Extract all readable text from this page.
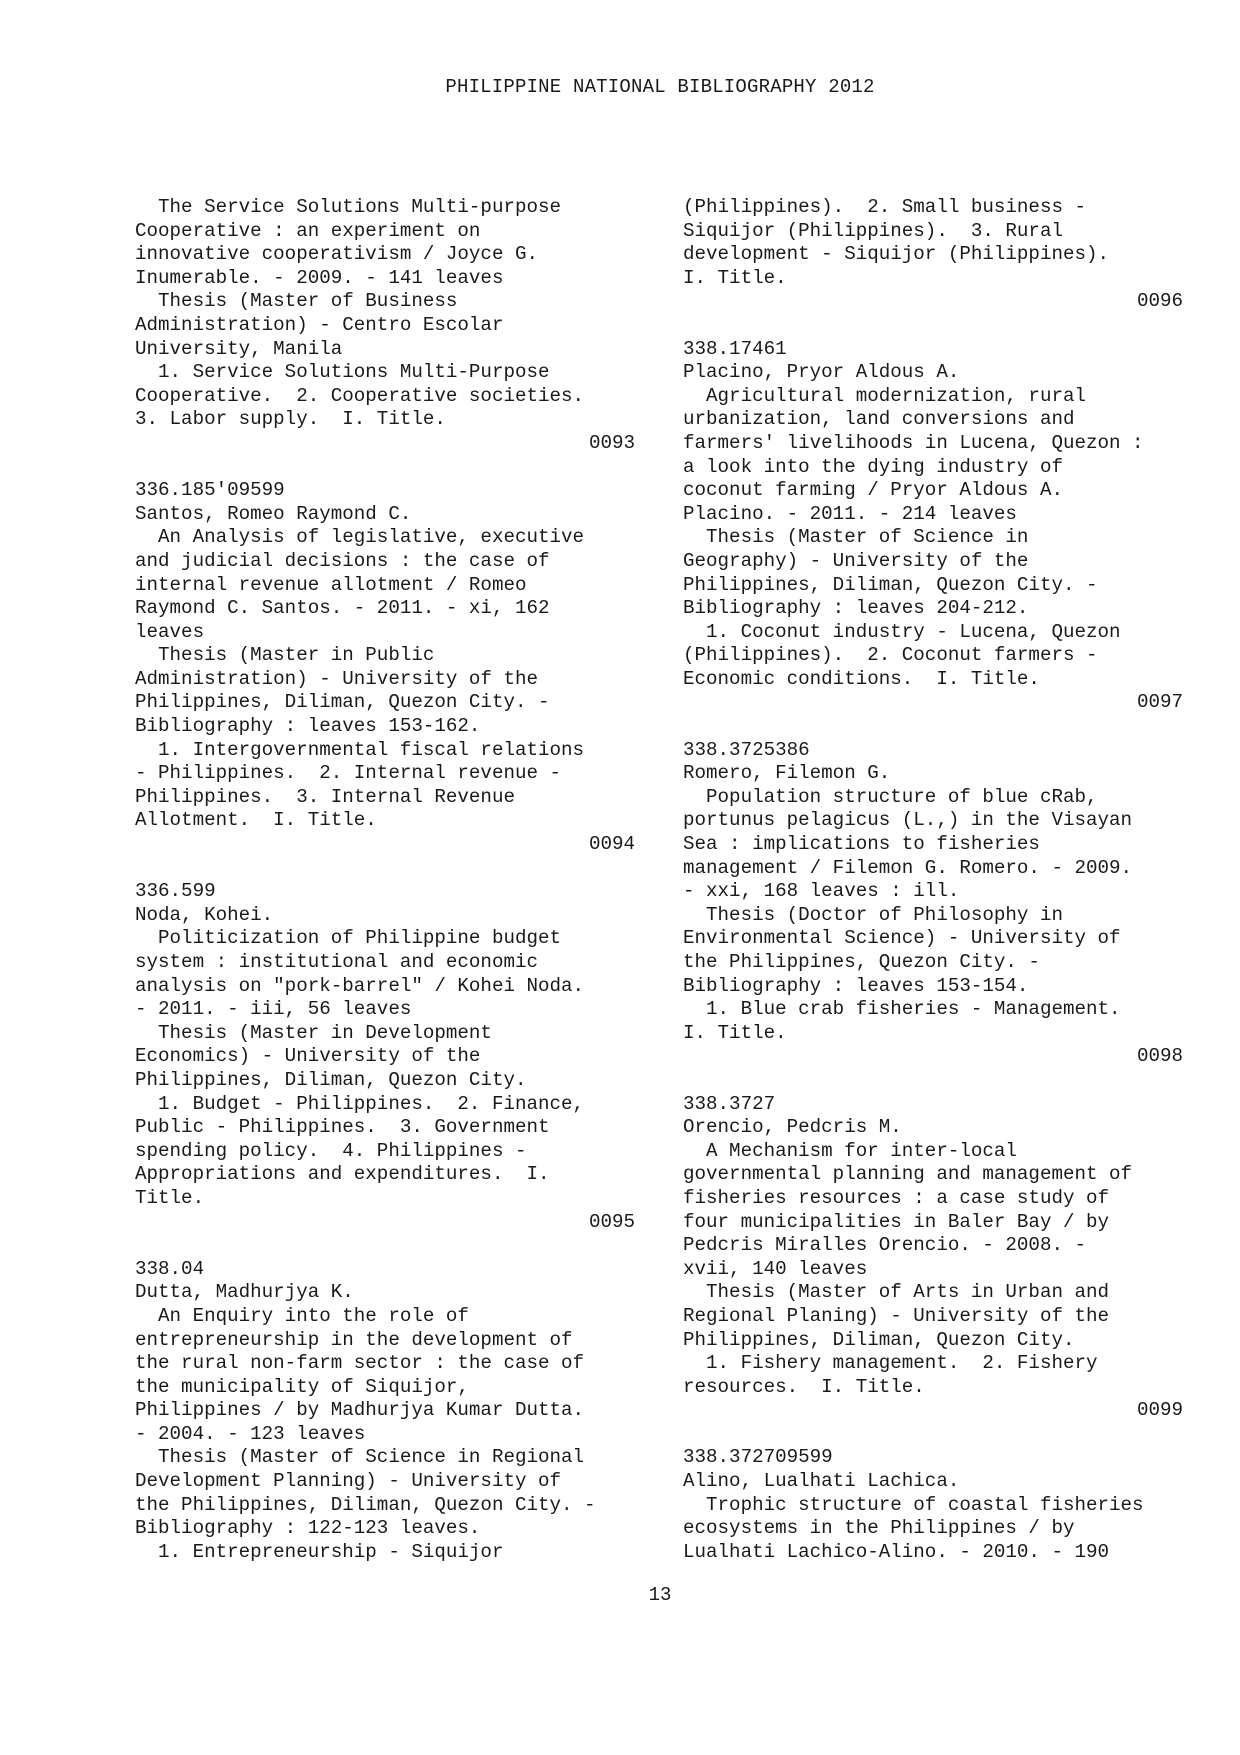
PHILIPPINE NATIONAL BIBLIOGRAPHY 2012
The Service Solutions Multi-purpose
Cooperative : an experiment on
innovative cooperativism / Joyce G.
Inumerable. - 2009. - 141 leaves
Thesis (Master of Business
Administration) - Centro Escolar
University, Manila
1. Service Solutions Multi-Purpose
Cooperative.  2. Cooperative societies.
3. Labor supply.  I. Title.
0093
336.185'09599
Santos, Romeo Raymond C.
An Analysis of legislative, executive
and judicial decisions : the case of
internal revenue allotment / Romeo
Raymond C. Santos. - 2011. - xi, 162
leaves
Thesis (Master in Public
Administration) - University of the
Philippines, Diliman, Quezon City. -
Bibliography : leaves 153-162.
1. Intergovernmental fiscal relations
- Philippines.  2. Internal revenue -
Philippines.  3. Internal Revenue
Allotment.  I. Title.
0094
336.599
Noda, Kohei.
Politicization of Philippine budget
system : institutional and economic
analysis on "pork-barrel" / Kohei Noda.
- 2011. - iii, 56 leaves
Thesis (Master in Development
Economics) - University of the
Philippines, Diliman, Quezon City.
1. Budget - Philippines.  2. Finance,
Public - Philippines.  3. Government
spending policy.  4. Philippines -
Appropriations and expenditures.  I.
Title.
0095
338.04
Dutta, Madhurjya K.
An Enquiry into the role of
entrepreneurship in the development of
the rural non-farm sector : the case of
the municipality of Siquijor,
Philippines / by Madhurjya Kumar Dutta.
- 2004. - 123 leaves
Thesis (Master of Science in Regional
Development Planning) - University of
the Philippines, Diliman, Quezon City. -
Bibliography : 122-123 leaves.
1. Entrepreneurship - Siquijor
(Philippines).  2. Small business -
Siquijor (Philippines).  3. Rural
development - Siquijor (Philippines).
I. Title.
0096
338.17461
Placino, Pryor Aldous A.
Agricultural modernization, rural
urbanization, land conversions and
farmers' livelihoods in Lucena, Quezon :
a look into the dying industry of
coconut farming / Pryor Aldous A.
Placino. - 2011. - 214 leaves
Thesis (Master of Science in
Geography) - University of the
Philippines, Diliman, Quezon City. -
Bibliography : leaves 204-212.
1. Coconut industry - Lucena, Quezon
(Philippines).  2. Coconut farmers -
Economic conditions.  I. Title.
0097
338.3725386
Romero, Filemon G.
Population structure of blue cRab,
portunus pelagicus (L.,) in the Visayan
Sea : implications to fisheries
management / Filemon G. Romero. - 2009.
- xxi, 168 leaves : ill.
Thesis (Doctor of Philosophy in
Environmental Science) - University of
the Philippines, Quezon City. -
Bibliography : leaves 153-154.
1. Blue crab fisheries - Management.
I. Title.
0098
338.3727
Orencio, Pedcris M.
A Mechanism for inter-local
governmental planning and management of
fisheries resources : a case study of
four municipalities in Baler Bay / by
Pedcris Miralles Orencio. - 2008. -
xvii, 140 leaves
Thesis (Master of Arts in Urban and
Regional Planing) - University of the
Philippines, Diliman, Quezon City.
1. Fishery management.  2. Fishery
resources.  I. Title.
0099
338.372709599
Alino, Lualhati Lachica.
Trophic structure of coastal fisheries
ecosystems in the Philippines / by
Lualhati Lachico-Alino. - 2010. - 190
13
